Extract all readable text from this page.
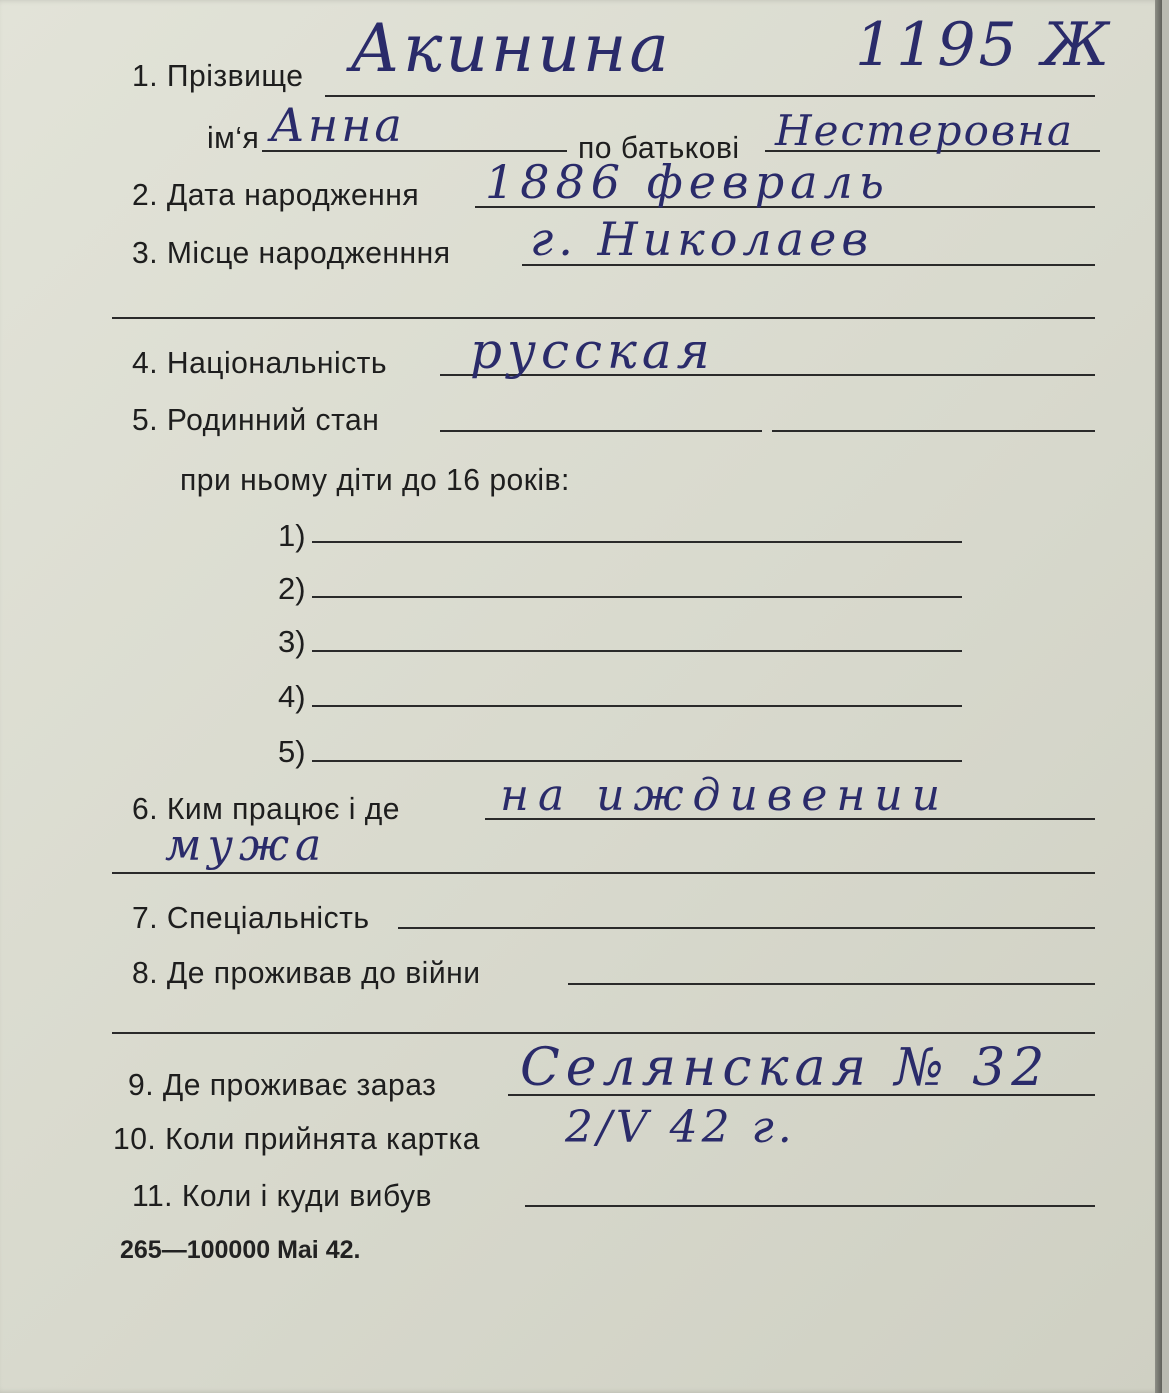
1. Прізвище Акинина	1195 Ж
ім‘я Анна	по батькові Нестеровна
2. Дата народження 1886 февраль
3. Місце народженння г. Николаев
4. Національність русская
5. Родинний стан
при ньому діти до 16 років:
1)
2)
3)
4)
5)
6. Ким працює і де на иждивении
мужа
7. Спеціальність
8. Де проживав до війни
9. Де проживає зараз Селянская № 32
10. Коли прийнята картка 2/V 42 г.
11. Коли і куди вибув
265—100000 Mai 42.
